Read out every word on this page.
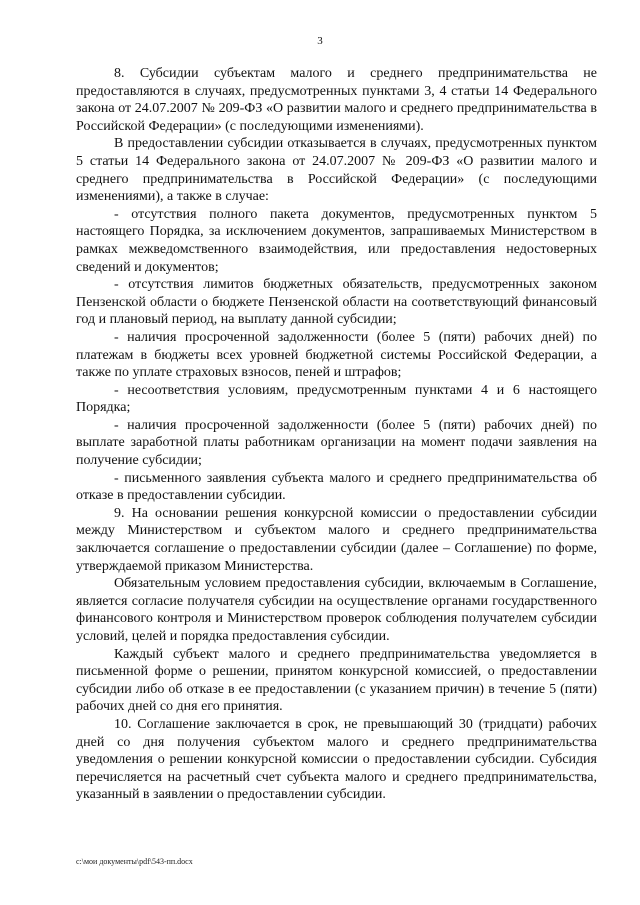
3

8. Субсидии субъектам малого и среднего предпринимательства не предоставляются в случаях, предусмотренных пунктами 3, 4 статьи 14 Федерального закона от 24.07.2007 № 209-ФЗ «О развитии малого и среднего предпринимательства в Российской Федерации» (с последующими изменениями).

В предоставлении субсидии отказывается в случаях, предусмотренных пунктом 5 статьи 14 Федерального закона от 24.07.2007 № 209-ФЗ «О развитии малого и среднего предпринимательства в Российской Федерации» (с последующими изменениями), а также в случае:

- отсутствия полного пакета документов, предусмотренных пунктом 5 настоящего Порядка, за исключением документов, запрашиваемых Министерством в рамках межведомственного взаимодействия, или предоставления недостоверных сведений и документов;

- отсутствия лимитов бюджетных обязательств, предусмотренных законом Пензенской области о бюджете Пензенской области на соответствующий финансовый год и плановый период, на выплату данной субсидии;

- наличия просроченной задолженности (более 5 (пяти) рабочих дней) по платежам в бюджеты всех уровней бюджетной системы Российской Федерации, а также по уплате страховых взносов, пеней и штрафов;

- несоответствия условиям, предусмотренным пунктами 4 и 6 настоящего Порядка;

- наличия просроченной задолженности (более 5 (пяти) рабочих дней) по выплате заработной платы работникам организации на момент подачи заявления на получение субсидии;

- письменного заявления субъекта малого и среднего предпринимательства об отказе в предоставлении субсидии.

9. На основании решения конкурсной комиссии о предоставлении субсидии между Министерством и субъектом малого и среднего предпринимательства заключается соглашение о предоставлении субсидии (далее – Соглашение) по форме, утверждаемой приказом Министерства.

Обязательным условием предоставления субсидии, включаемым в Соглашение, является согласие получателя субсидии на осуществление органами государственного финансового контроля и Министерством проверок соблюдения получателем субсидии условий, целей и порядка предоставления субсидии.

Каждый субъект малого и среднего предпринимательства уведомляется в письменной форме о решении, принятом конкурсной комиссией, о предоставлении субсидии либо об отказе в ее предоставлении (с указанием причин) в течение 5 (пяти) рабочих дней со дня его принятия.

10. Соглашение заключается в срок, не превышающий 30 (тридцати) рабочих дней со дня получения субъектом малого и среднего предпринимательства уведомления о решении конкурсной комиссии о предоставлении субсидии. Субсидия перечисляется на расчетный счет субъекта малого и среднего предпринимательства, указанный в заявлении о предоставлении субсидии.

c:\мои документы\pdf\543-пп.docx
